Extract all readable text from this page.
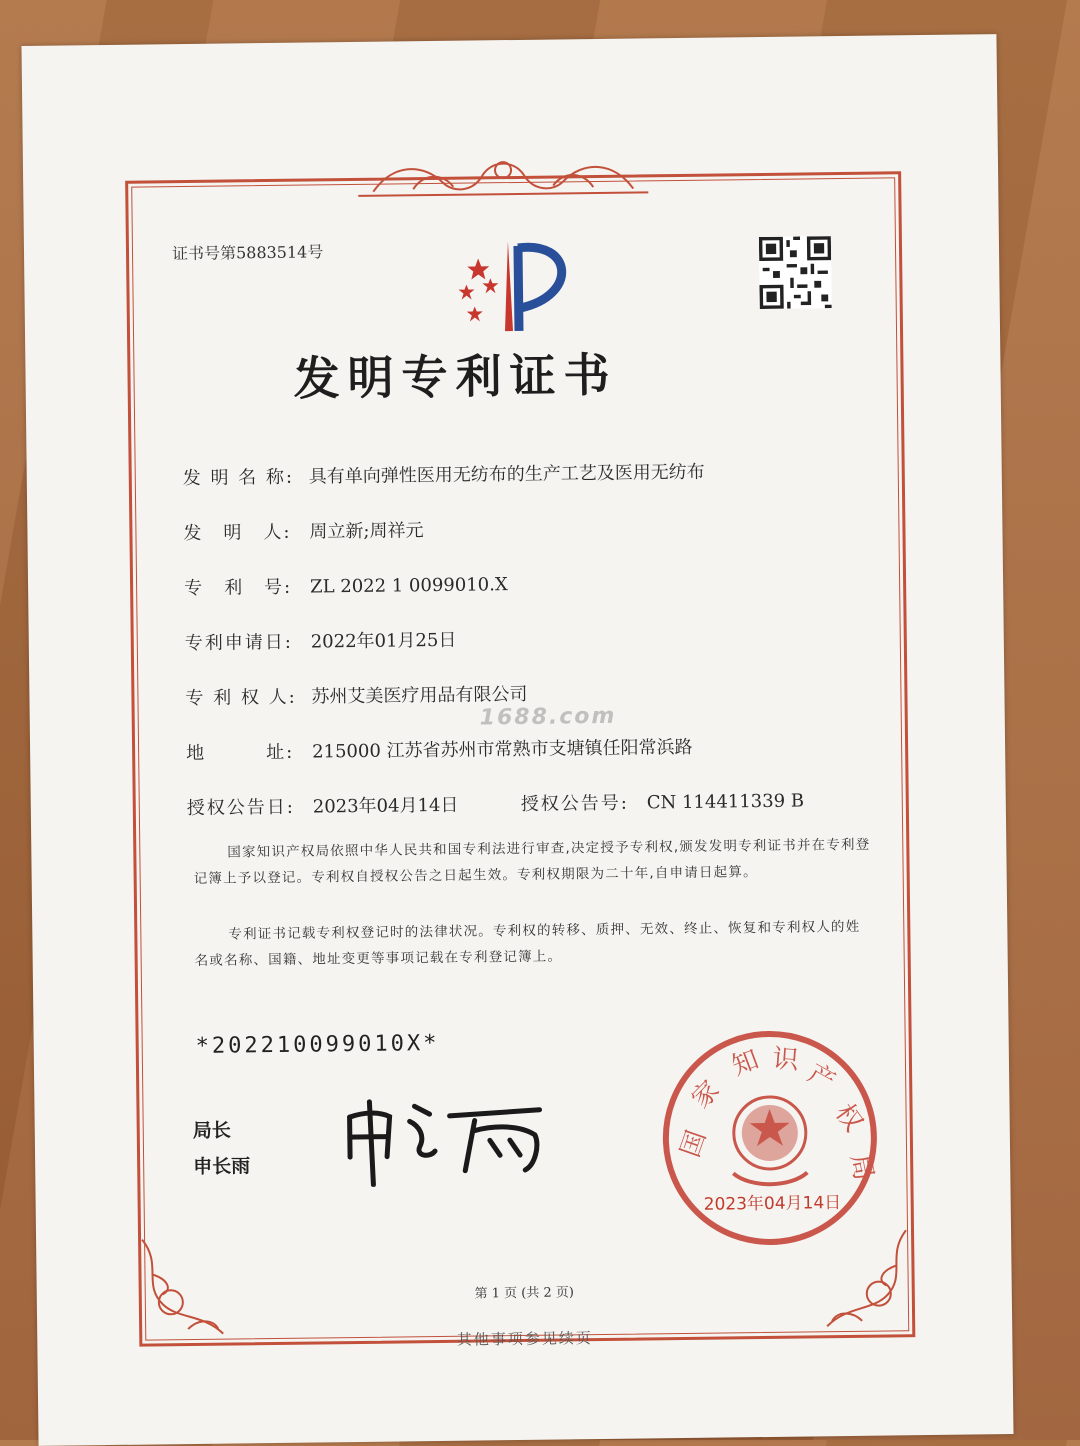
证书号第5883514号
发明专利证书
发 明 名 称: 具有单向弹性医用无纺布的生产工艺及医用无纺布
发　明　人: 周立新;周祥元
专　利　号: ZL 2022 1 0099010.X
专利申请日: 2022年01月25日
专 利 权 人: 苏州艾美医疗用品有限公司
1688.com
地　　　址: 215000 江苏省苏州市常熟市支塘镇任阳常浜路
授权公告日: 2023年04月14日	授权公告号: CN 114411339 B
国家知识产权局依照中华人民共和国专利法进行审查,决定授予专利权,颁发发明专利证书并在专利登记簿上予以登记。专利权自授权公告之日起生效。专利权期限为二十年,自申请日起算。
专利证书记载专利权登记时的法律状况。专利权的转移、质押、无效、终止、恢复和专利权人的姓名或名称、国籍、地址变更等事项记载在专利登记簿上。
*202210099010X*
局长
申长雨
国
家
知 识 产
权
局
2023年04月14日
第 1 页 (共 2 页)
其他事项参见续页
